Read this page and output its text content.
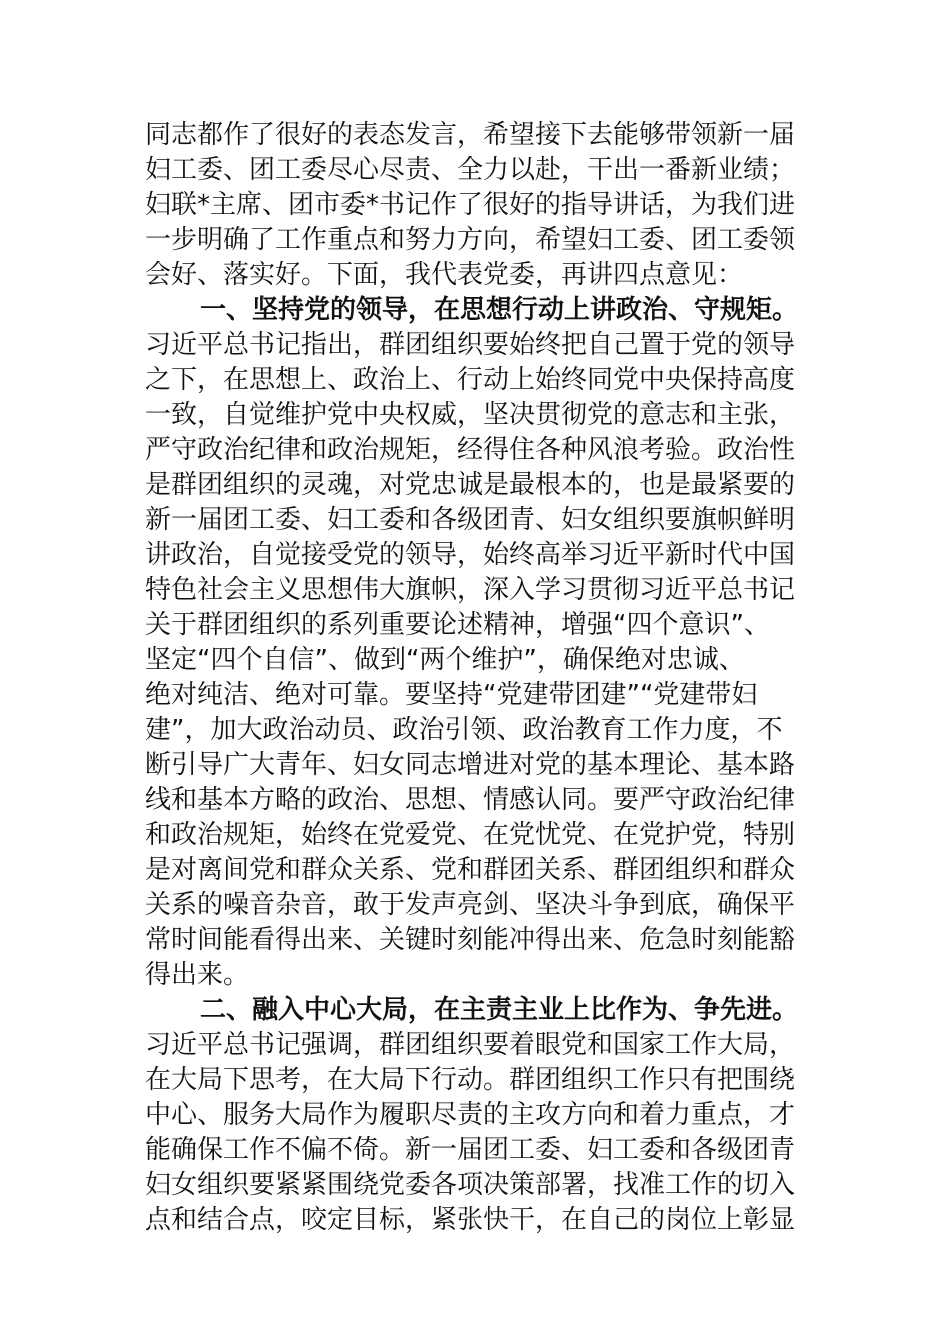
同志都作了很好的表态发言，希望接下去能够带领新一届
妇工委、团工委尽心尽责、全力以赴，干出一番新业绩；
妇联*主席、团市委*书记作了很好的指导讲话，为我们进
一步明确了工作重点和努力方向，希望妇工委、团工委领
会好、落实好。下面，我代表党委，再讲四点意见：
一、坚持党的领导，在思想行动上讲政治、守规矩。
习近平总书记指出，群团组织要始终把自己置于党的领导
之下，在思想上、政治上、行动上始终同党中央保持高度
一致，自觉维护党中央权威，坚决贯彻党的意志和主张，
严守政治纪律和政治规矩，经得住各种风浪考验。政治性
是群团组织的灵魂，对党忠诚是最根本的，也是最紧要的
新一届团工委、妇工委和各级团青、妇女组织要旗帜鲜明
讲政治，自觉接受党的领导，始终高举习近平新时代中国
特色社会主义思想伟大旗帜，深入学习贯彻习近平总书记
关于群团组织的系列重要论述精神，增强“四个意识”、
坚定“四个自信”、做到“两个维护”，确保绝对忠诚、
绝对纯洁、绝对可靠。要坚持“党建带团建”“党建带妇
建”，加大政治动员、政治引领、政治教育工作力度，不
断引导广大青年、妇女同志增进对党的基本理论、基本路
线和基本方略的政治、思想、情感认同。要严守政治纪律
和政治规矩，始终在党爱党、在党忧党、在党护党，特别
是对离间党和群众关系、党和群团关系、群团组织和群众
关系的噪音杂音，敢于发声亮剑、坚决斗争到底，确保平
常时间能看得出来、关键时刻能冲得出来、危急时刻能豁
得出来。
二、融入中心大局，在主责主业上比作为、争先进。
习近平总书记强调，群团组织要着眼党和国家工作大局，
在大局下思考，在大局下行动。群团组织工作只有把围绕
中心、服务大局作为履职尽责的主攻方向和着力重点，才
能确保工作不偏不倚。新一届团工委、妇工委和各级团青
妇女组织要紧紧围绕党委各项决策部署，找准工作的切入
点和结合点，咬定目标，紧张快干，在自己的岗位上彰显
